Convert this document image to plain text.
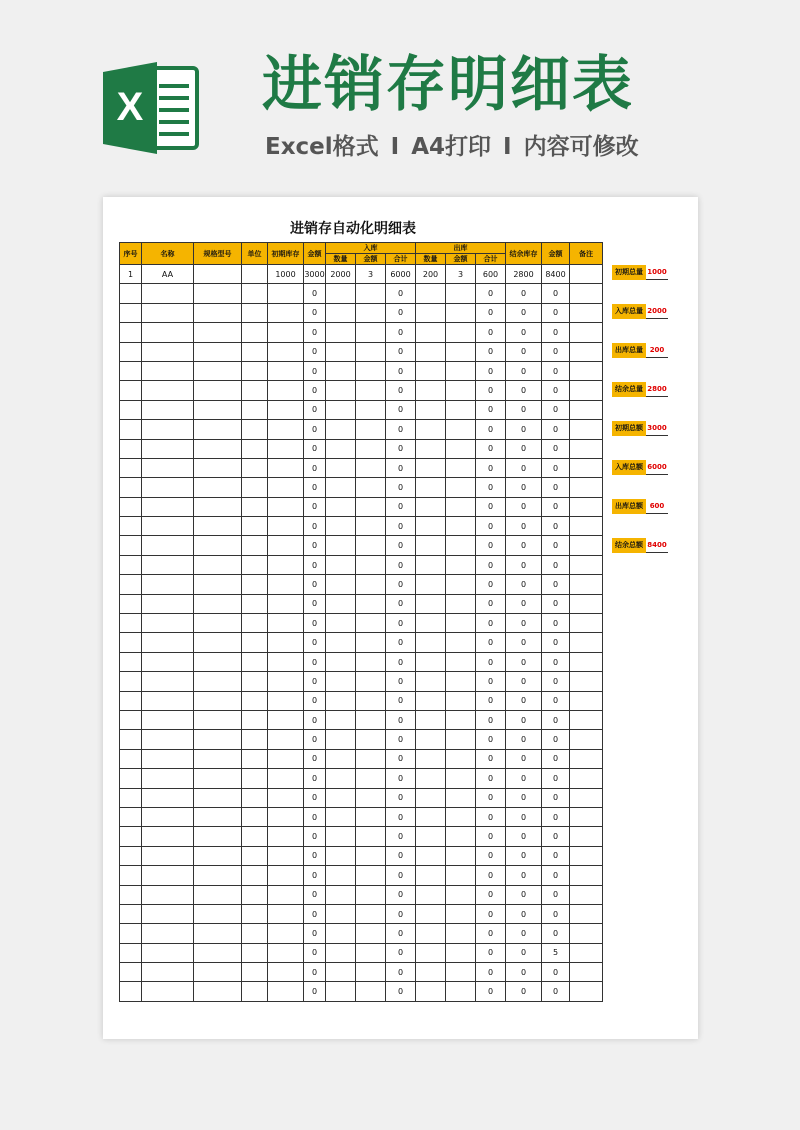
X 进销存明细表
Excel格式 I A4打印 I 内容可修改
进销存自动化明细表
序号	名称	规格型号	单位	初期库存	金额	入库			出库			结余库存	金额	备注
						数量	金额	合计	数量	金额	合计			
1	AA			1000	3000	2000	3	6000	200	3	600	2800	8400	
					0			0			0	0	0	
					0			0			0	0	0	
					0			0			0	0	0	
					0			0			0	0	0	
					0			0			0	0	0	
					0			0			0	0	0	
					0			0			0	0	0	
					0			0			0	0	0	
					0			0			0	0	0	
					0			0			0	0	0	
					0			0			0	0	0	
					0			0			0	0	0	
					0			0			0	0	0	
					0			0			0	0	0	
					0			0			0	0	0	
					0			0			0	0	0	
					0			0			0	0	0	
					0			0			0	0	0	
					0			0			0	0	0	
					0			0			0	0	0	
					0			0			0	0	0	
					0			0			0	0	0	
					0			0			0	0	0	
					0			0			0	0	0	
					0			0			0	0	0	
					0			0			0	0	0	
					0			0			0	0	0	
					0			0			0	0	0	
					0			0			0	0	0	
					0			0			0	0	0	
					0			0			0	0	0	
					0			0			0	0	0	
					0			0			0	0	0	
					0			0			0	0	0	
					0			0			0	0	5	
					0			0			0	0	0	
					0			0			0	0	0	
初期总量 1000
入库总量 2000
出库总量 200
结余总量 2800
初期总额 3000
入库总额 6000
出库总额 600
结余总额 8400
